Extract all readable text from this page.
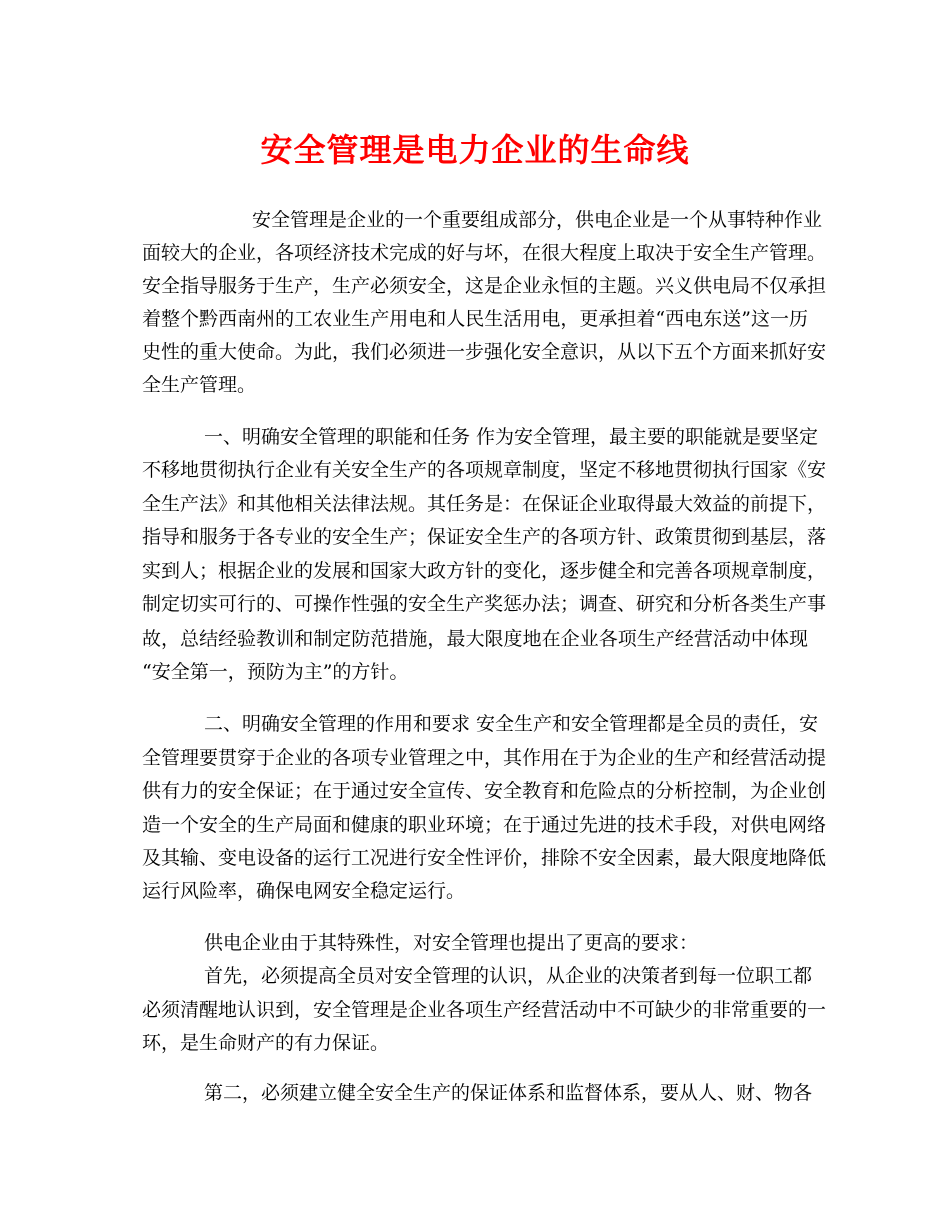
安全管理是电力企业的生命线

安全管理是企业的一个重要组成部分，供电企业是一个从事特种作业

面较大的企业，各项经济技术完成的好与坏，在很大程度上取决于安全生产管理。

安全指导服务于生产，生产必须安全，这是企业永恒的主题。兴义供电局不仅承担

着整个黔西南州的工农业生产用电和人民生活用电，更承担着“西电东送”这一历

史性的重大使命。为此，我们必须进一步强化安全意识，从以下五个方面来抓好安

全生产管理。

一、明确安全管理的职能和任务 作为安全管理，最主要的职能就是要坚定

不移地贯彻执行企业有关安全生产的各项规章制度，坚定不移地贯彻执行国家《安

全生产法》和其他相关法律法规。其任务是：在保证企业取得最大效益的前提下，

指导和服务于各专业的安全生产；保证安全生产的各项方针、政策贯彻到基层，落

实到人；根据企业的发展和国家大政方针的变化，逐步健全和完善各项规章制度，

制定切实可行的、可操作性强的安全生产奖惩办法；调查、研究和分析各类生产事

故，总结经验教训和制定防范措施，最大限度地在企业各项生产经营活动中体现

“安全第一，预防为主”的方针。

二、明确安全管理的作用和要求 安全生产和安全管理都是全员的责任，安

全管理要贯穿于企业的各项专业管理之中，其作用在于为企业的生产和经营活动提

供有力的安全保证；在于通过安全宣传、安全教育和危险点的分析控制，为企业创

造一个安全的生产局面和健康的职业环境；在于通过先进的技术手段，对供电网络

及其输、变电设备的运行工况进行安全性评价，排除不安全因素，最大限度地降低

运行风险率，确保电网安全稳定运行。

供电企业由于其特殊性，对安全管理也提出了更高的要求：

首先，必须提高全员对安全管理的认识，从企业的决策者到每一位职工都

必须清醒地认识到，安全管理是企业各项生产经营活动中不可缺少的非常重要的一

环，是生命财产的有力保证。

第二，必须建立健全安全生产的保证体系和监督体系，要从人、财、物各
